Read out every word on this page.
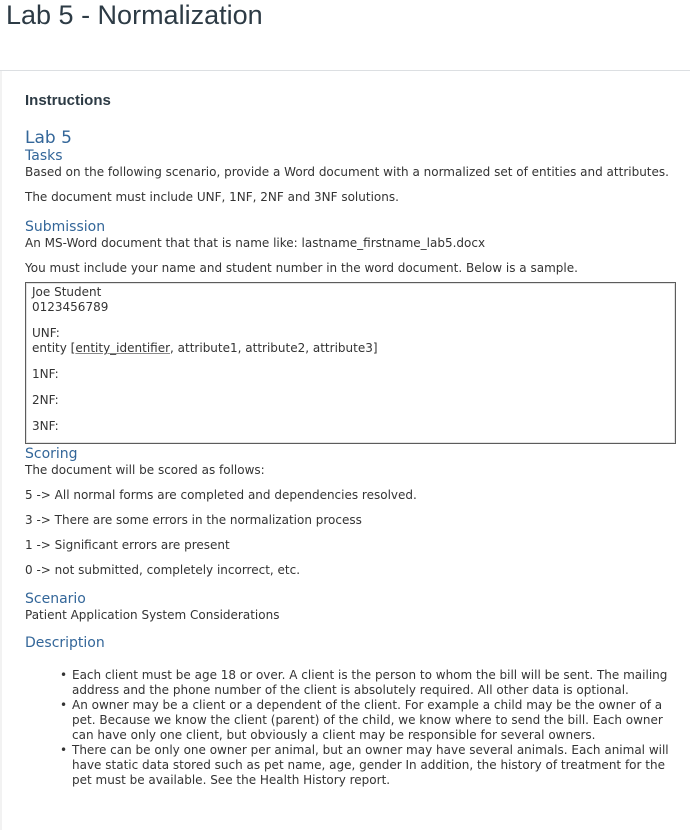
Lab 5 - Normalization
Instructions
Lab 5
Tasks

Based on the following scenario, provide a Word document with a normalized set of entities and attributes.

The document must include UNF, 1NF, 2NF and 3NF solutions.

Submission

An MS-Word document that that is name like: lastname_firstname_lab5.docx

You must include your name and student number in the word document. Below is a sample.

Joe Student

0123456789

UNF:

entity [entity_identifier, attribute1, attribute2, attribute3]

1NF:

2NF:

3NF:

Scoring

The document will be scored as follows:

5 -> All normal forms are completed and dependencies resolved.

3 -> There are some errors in the normalization process

1 -> Significant errors are present

0 -> not submitted, completely incorrect, etc.

Scenario

Patient Application System Considerations

Description
• Each client must be age 18 or over. A client is the person to whom the bill will be sent. The mailing
address and the phone number of the client is absolutely required. All other data is optional.
• An owner may be a client or a dependent of the client. For example a child may be the owner of a
pet. Because we know the client (parent) of the child, we know where to send the bill. Each owner
can have only one client, but obviously a client may be responsible for several owners.
• There can be only one owner per animal, but an owner may have several animals. Each animal will
have static data stored such as pet name, age, gender In addition, the history of treatment for the
pet must be available. See the Health History report.
